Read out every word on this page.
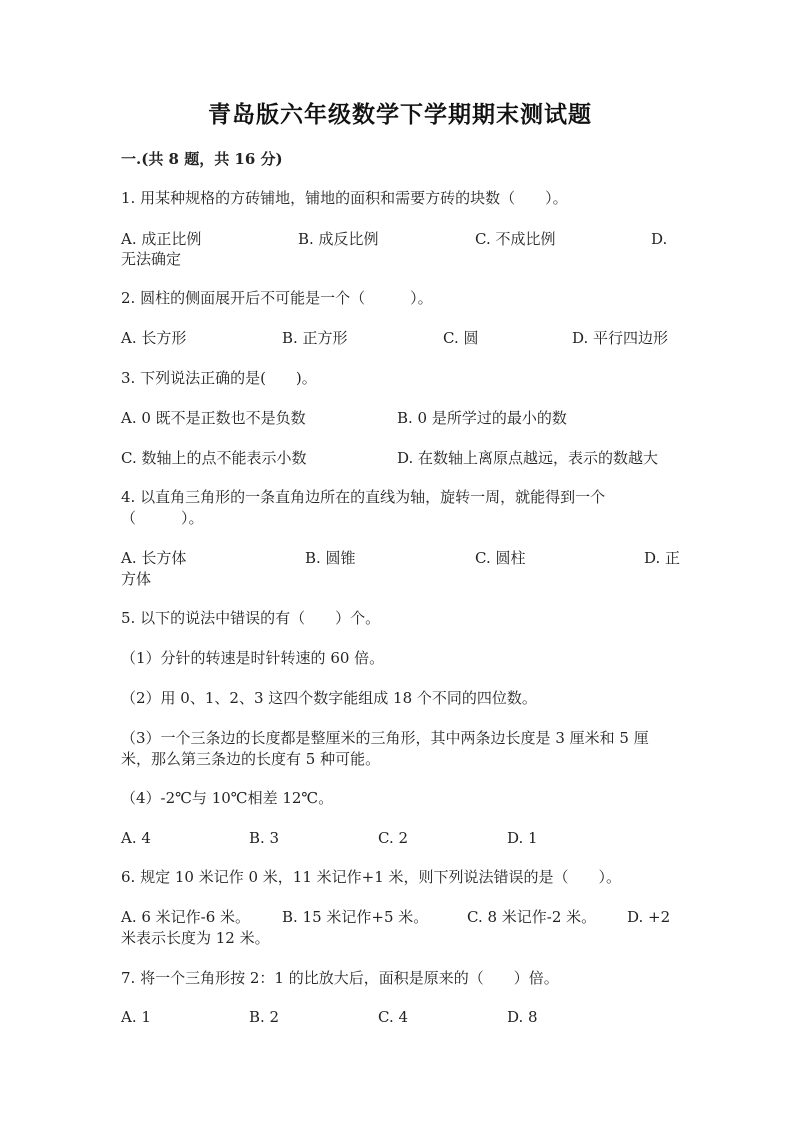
青岛版六年级数学下学期期末测试题
一.(共 8 题，共 16 分)
1. 用某种规格的方砖铺地，铺地的面积和需要方砖的块数（　　）。
A. 成正比例	B. 成反比例	C. 不成比例	D.
无法确定
2. 圆柱的侧面展开后不可能是一个（　　　）。
A. 长方形	B. 正方形	C. 圆	D. 平行四边形
3. 下列说法正确的是(　　)。
A. 0 既不是正数也不是负数	B. 0 是所学过的最小的数
C. 数轴上的点不能表示小数	D. 在数轴上离原点越远，表示的数越大
4. 以直角三角形的一条直角边所在的直线为轴，旋转一周，就能得到一个
（　　　）。
A. 长方体	B. 圆锥	C. 圆柱	D. 正
方体
5. 以下的说法中错误的有（　　）个。
（1）分针的转速是时针转速的 60 倍。
（2）用 0、1、2、3 这四个数字能组成 18 个不同的四位数。
（3）一个三条边的长度都是整厘米的三角形，其中两条边长度是 3 厘米和 5 厘
米，那么第三条边的长度有 5 种可能。
（4）-2℃与 10℃相差 12℃。
A. 4	B. 3	C. 2	D. 1
6. 规定 10 米记作 0 米，11 米记作+1 米，则下列说法错误的是（　　）。
A. 6 米记作-6 米。 B. 15 米记作+5 米。	C. 8 米记作-2 米。 D. +2
米表示长度为 12 米。
7. 将一个三角形按 2：1 的比放大后，面积是原来的（　　）倍。
A. 1	B. 2	C. 4	D. 8
